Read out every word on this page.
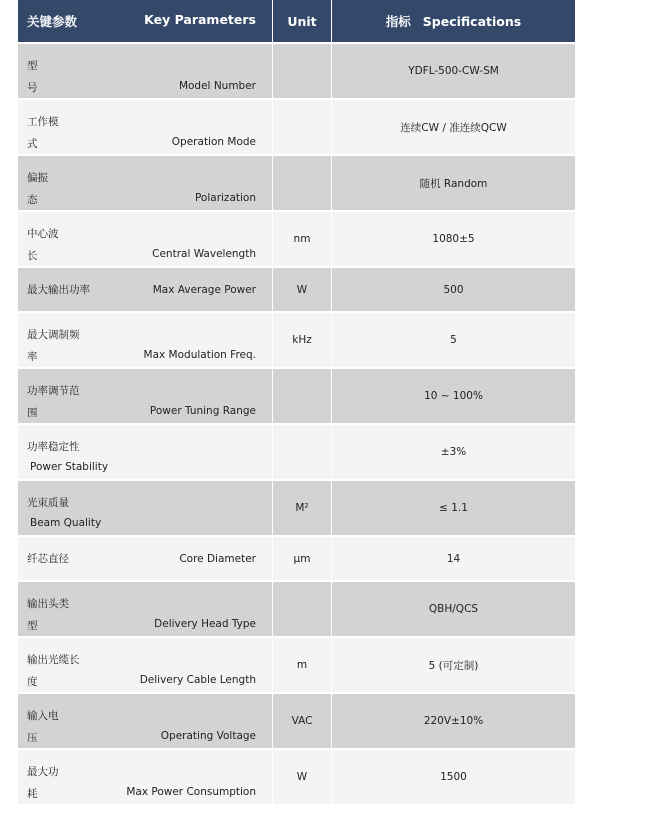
关键参数 Key Parameters	Unit	指标 Specifications

型
号 Model Number		YDFL-500-CW-SM

工作模
式 Operation Mode		连续CW / 准连续QCW

偏振
态 Polarization		随机 Random

中心波
长 Central Wavelength	nm	1080±5

最大输出功率 Max Average Power	W	500

最大调制频
率 Max Modulation Freq.	kHz	5

功率调节范
围 Power Tuning Range		10 ~ 100%

功率稳定性
Power Stability		±3%

光束质量
Beam Quality	M²	≤ 1.1

纤芯直径 Core Diameter	μm	14

输出头类
型 Delivery Head Type		QBH/QCS

输出光缆长
度 Delivery Cable Length	m	5 (可定制)

输入电
压 Operating Voltage	VAC	220V±10%

最大功
耗 Max Power Consumption	W	1500
